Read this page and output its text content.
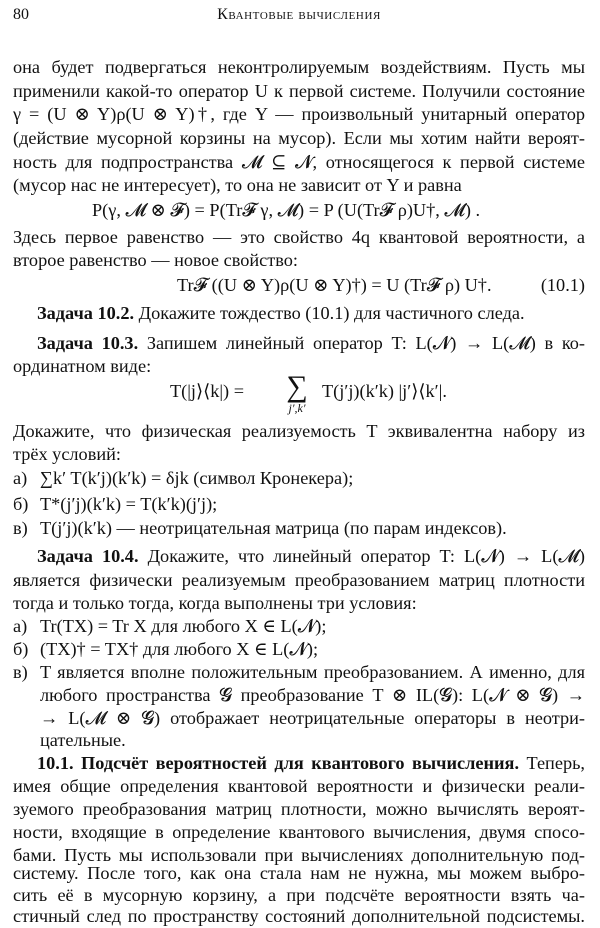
80	Квантовые вычисления
она будет подвергаться неконтролируемым воздействиям. Пусть мы
применили какой-то оператор U к первой системе. Получили состояние
γ = (U ⊗ Y)ρ(U ⊗ Y)†, где Y — произвольный унитарный оператор
(действие мусорной корзины на мусор). Если мы хотим найти вероят-
ность для подпространства 𝓜 ⊆ 𝓝, относящегося к первой системе
(мусор нас не интересует), то она не зависит от Y и равна
P(γ, 𝓜 ⊗ 𝓕) = P(Tr𝓕 γ, 𝓜) = P (U(Tr𝓕 ρ)U†, 𝓜) .
Здесь первое равенство — это свойство 4q квантовой вероятности, а
второе равенство — новое свойство:
Tr𝓕 ((U ⊗ Y)ρ(U ⊗ Y)†) = U (Tr𝓕 ρ) U†.	(10.1)
Задача 10.2. Докажите тождество (10.1) для частичного следа.
Задача 10.3. Запишем линейный оператор T: L(𝓝) → L(𝓜) в ко-
ординатном виде:
T(|j⟩⟨k|) =	∑
j′,k′
T(j′j)(k′k) |j′⟩⟨k′|.
Докажите, что физическая реализуемость T эквивалентна набору из
трёх условий:
а) ∑k′ T(k′j)(k′k) = δjk (символ Кронекера);
б) T*(j′j)(k′k) = T(k′k)(j′j);
в) T(j′j)(k′k) — неотрицательная матрица (по парам индексов).
Задача 10.4. Докажите, что линейный оператор T: L(𝓝) → L(𝓜)
является физически реализуемым преобразованием матриц плотности
тогда и только тогда, когда выполнены три условия:
а) Tr(TX) = Tr X для любого X ∈ L(𝓝);
б) (TX)† = TX† для любого X ∈ L(𝓝);
в) T является вполне положительным преобразованием. А именно, для
любого пространства 𝓖 преобразование T ⊗ IL(𝓖): L(𝓝 ⊗ 𝓖) →
→ L(𝓜 ⊗ 𝓖) отображает неотрицательные операторы в неотри-
цательные.
10.1. Подсчёт вероятностей для квантового вычисления. Теперь,
имея общие определения квантовой вероятности и физически реали-
зуемого преобразования матриц плотности, можно вычислять вероят-
ности, входящие в определение квантового вычисления, двумя спосо-
бами. Пусть мы использовали при вычислениях дополнительную под-
систему. После того, как она стала нам не нужна, мы можем выбро-
сить её в мусорную корзину, а при подсчёте вероятности взять ча-
стичный след по пространству состояний дополнительной подсистемы.
